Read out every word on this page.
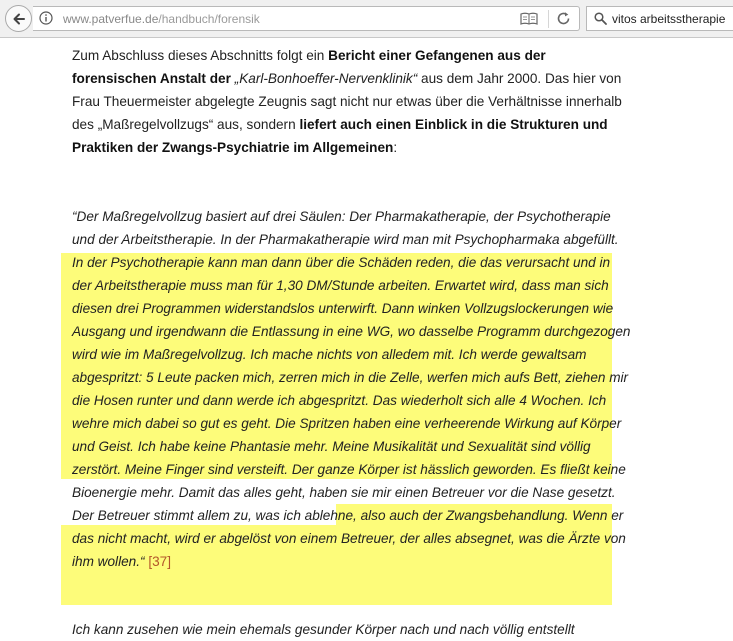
www.patverfue.de/handbuch/forensik	vitos arbeitsstherapie

Zum Abschluss dieses Abschnitts folgt ein Bericht einer Gefangenen aus der forensischen Anstalt der „Karl-Bonhoeffer-Nervenklinik“ aus dem Jahr 2000. Das hier von Frau Theuermeister abgelegte Zeugnis sagt nicht nur etwas über die Verhältnisse innerhalb des „Maßregelvollzugs“ aus, sondern liefert auch einen Einblick in die Strukturen und Praktiken der Zwangs-Psychiatrie im Allgemeinen:

“Der Maßregelvollzug basiert auf drei Säulen: Der Pharmakatherapie, der Psychotherapie und der Arbeitstherapie. In der Pharmakatherapie wird man mit Psychopharmaka abgefüllt. In der Psychotherapie kann man dann über die Schäden reden, die das verursacht und in der Arbeitstherapie muss man für 1,30 DM/Stunde arbeiten. Erwartet wird, dass man sich diesen drei Programmen widerstandslos unterwirft. Dann winken Vollzugslockerungen wie Ausgang und irgendwann die Entlassung in eine WG, wo dasselbe Programm durchgezogen wird wie im Maßregelvollzug. Ich mache nichts von alledem mit. Ich werde gewaltsam abgespritzt: 5 Leute packen mich, zerren mich in die Zelle, werfen mich aufs Bett, ziehen mir die Hosen runter und dann werde ich abgespritzt. Das wiederholt sich alle 4 Wochen. Ich wehre mich dabei so gut es geht. Die Spritzen haben eine verheerende Wirkung auf Körper und Geist. Ich habe keine Phantasie mehr. Meine Musikalität und Sexualität sind völlig zerstört. Meine Finger sind versteift. Der ganze Körper ist hässlich geworden. Es fließt keine Bioenergie mehr. Damit das alles geht, haben sie mir einen Betreuer vor die Nase gesetzt. Der Betreuer stimmt allem zu, was ich ablehne, also auch der Zwangsbehandlung. Wenn er das nicht macht, wird er abgelöst von einem Betreuer, der alles absegnet, was die Ärzte von ihm wollen.“ [37]

Ich kann zusehen wie mein ehemals gesunder Körper nach und nach völlig entstellt
